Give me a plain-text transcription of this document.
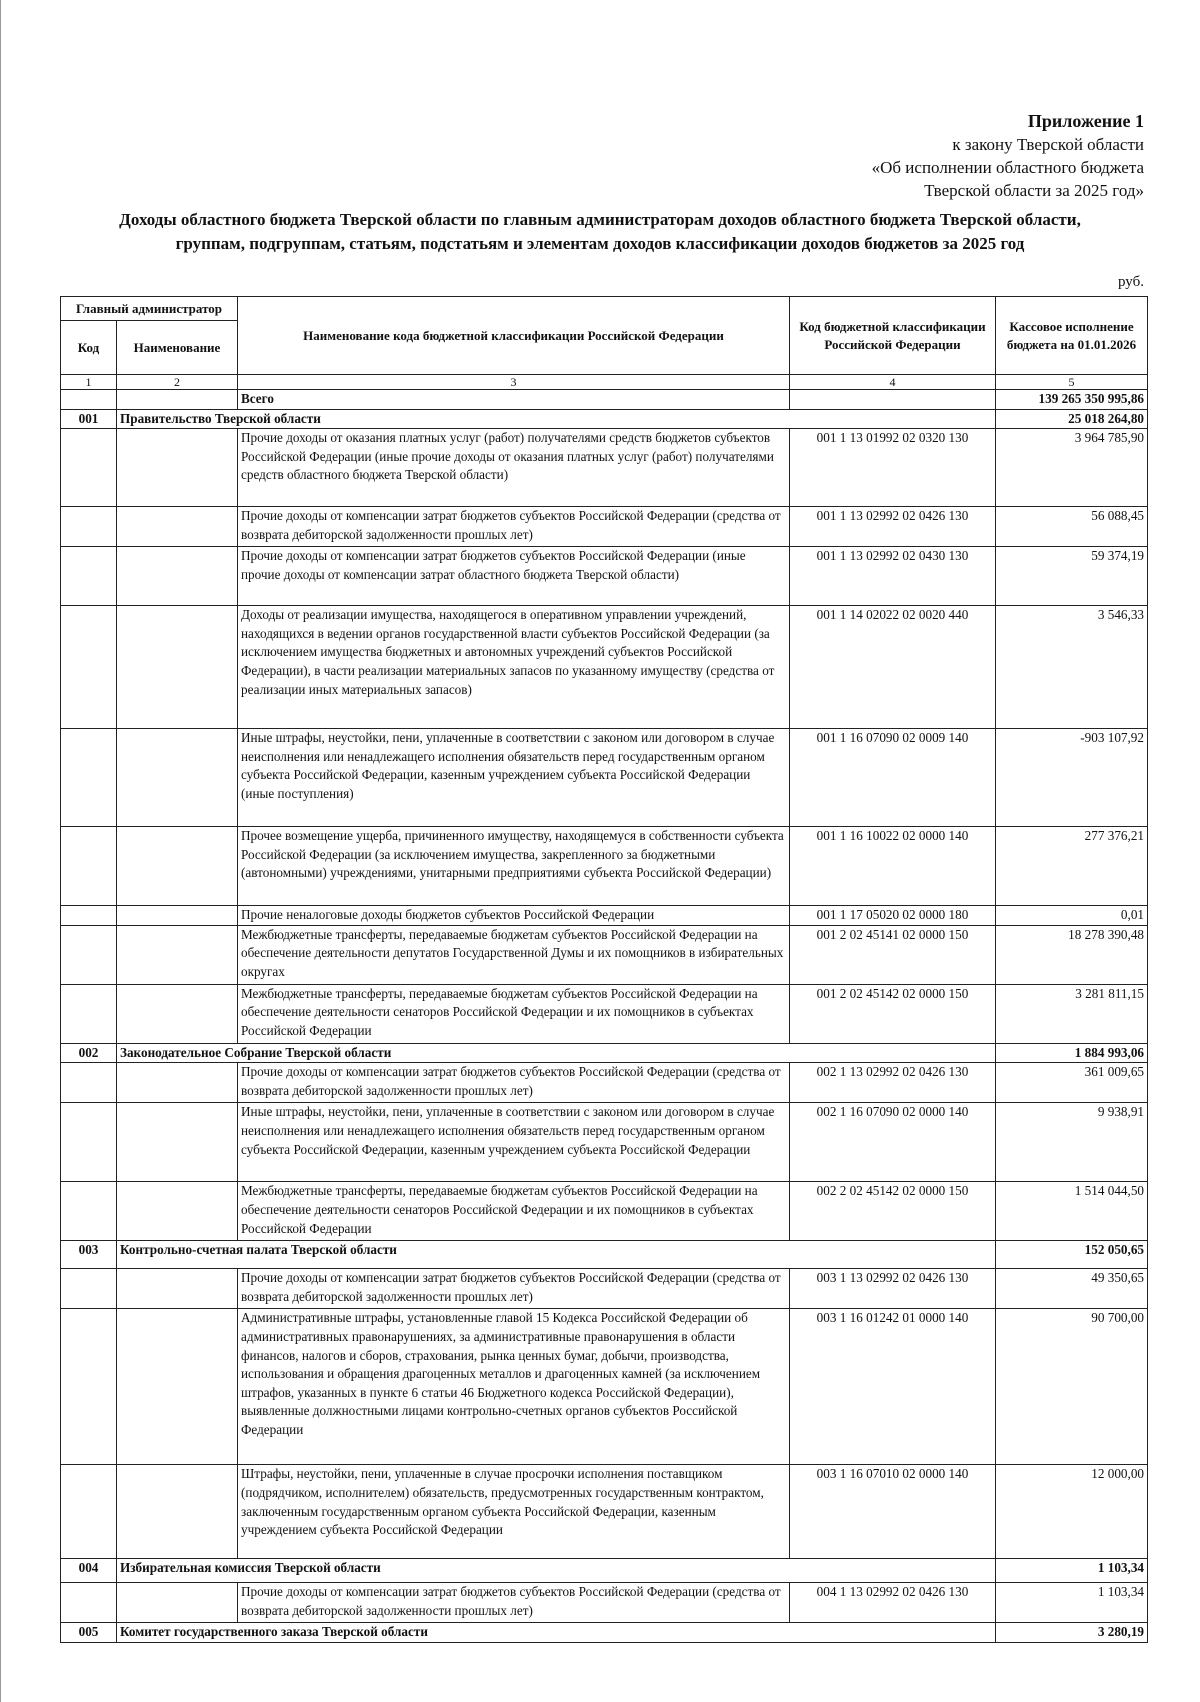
Приложение 1
к закону Тверской области
«Об исполнении областного бюджета
Тверской области за 2025 год»
Доходы областного бюджета Тверской области по главным администраторам доходов областного бюджета Тверской области,
группам, подгруппам, статьям, подстатьям и элементам доходов классификации доходов бюджетов за 2025 год
руб.
Главный администратор		Наименование кода бюджетной классификации Российской Федерации	Код бюджетной классификации Российской Федерации	Кассовое исполнение бюджета на 01.01.2026
Код	Наименование			
1	2	3	4	5
		Всего		139 265 350 995,86
001	Правительство Тверской области			25 018 264,80
		Прочие доходы от оказания платных услуг (работ) получателями средств бюджетов субъектов Российской Федерации (иные прочие доходы от оказания платных услуг (работ) получателями средств областного бюджета Тверской области)	001 1 13 01992 02 0320 130	3 964 785,90
		Прочие доходы от компенсации затрат бюджетов субъектов Российской Федерации (средства от возврата дебиторской задолженности прошлых лет)	001 1 13 02992 02 0426 130	56 088,45
		Прочие доходы от компенсации затрат бюджетов субъектов Российской Федерации (иные прочие доходы от компенсации затрат областного бюджета Тверской области)	001 1 13 02992 02 0430 130	59 374,19
		Доходы от реализации имущества, находящегося в оперативном управлении учреждений, находящихся в ведении органов государственной власти субъектов Российской Федерации (за исключением имущества бюджетных и автономных учреждений субъектов Российской Федерации), в части реализации материальных запасов по указанному имуществу (средства от реализации иных материальных запасов)	001 1 14 02022 02 0020 440	3 546,33
		Иные штрафы, неустойки, пени, уплаченные в соответствии с законом или договором в случае неисполнения или ненадлежащего исполнения обязательств перед государственным органом субъекта Российской Федерации, казенным учреждением субъекта Российской Федерации (иные поступления)	001 1 16 07090 02 0009 140	-903 107,92
		Прочее возмещение ущерба, причиненного имуществу, находящемуся в собственности субъекта Российской Федерации (за исключением имущества, закрепленного за бюджетными (автономными) учреждениями, унитарными предприятиями субъекта Российской Федерации)	001 1 16 10022 02 0000 140	277 376,21
		Прочие неналоговые доходы бюджетов субъектов Российской Федерации	001 1 17 05020 02 0000 180	0,01
		Межбюджетные трансферты, передаваемые бюджетам субъектов Российской Федерации на обеспечение деятельности депутатов Государственной Думы и их помощников в избирательных округах	001 2 02 45141 02 0000 150	18 278 390,48
		Межбюджетные трансферты, передаваемые бюджетам субъектов Российской Федерации на обеспечение деятельности сенаторов Российской Федерации и их помощников в субъектах Российской Федерации	001 2 02 45142 02 0000 150	3 281 811,15
002	Законодательное Собрание Тверской области			1 884 993,06
		Прочие доходы от компенсации затрат бюджетов субъектов Российской Федерации (средства от возврата дебиторской задолженности прошлых лет)	002 1 13 02992 02 0426 130	361 009,65
		Иные штрафы, неустойки, пени, уплаченные в соответствии с законом или договором в случае неисполнения или ненадлежащего исполнения обязательств перед государственным органом субъекта Российской Федерации, казенным учреждением субъекта Российской Федерации	002 1 16 07090 02 0000 140	9 938,91
		Межбюджетные трансферты, передаваемые бюджетам субъектов Российской Федерации на обеспечение деятельности сенаторов Российской Федерации и их помощников в субъектах Российской Федерации	002 2 02 45142 02 0000 150	1 514 044,50
003	Контрольно-счетная палата Тверской области			152 050,65
		Прочие доходы от компенсации затрат бюджетов субъектов Российской Федерации (средства от возврата дебиторской задолженности прошлых лет)	003 1 13 02992 02 0426 130	49 350,65
		Административные штрафы, установленные главой 15 Кодекса Российской Федерации об административных правонарушениях, за административные правонарушения в области финансов, налогов и сборов, страхования, рынка ценных бумаг, добычи, производства, использования и обращения драгоценных металлов и драгоценных камней (за исключением штрафов, указанных в пункте 6 статьи 46 Бюджетного кодекса Российской Федерации), выявленные должностными лицами контрольно-счетных органов субъектов Российской Федерации	003 1 16 01242 01 0000 140	90 700,00
		Штрафы, неустойки, пени, уплаченные в случае просрочки исполнения поставщиком (подрядчиком, исполнителем) обязательств, предусмотренных государственным контрактом, заключенным государственным органом субъекта Российской Федерации, казенным учреждением субъекта Российской Федерации	003 1 16 07010 02 0000 140	12 000,00
004	Избирательная комиссия Тверской области			1 103,34
		Прочие доходы от компенсации затрат бюджетов субъектов Российской Федерации (средства от возврата дебиторской задолженности прошлых лет)	004 1 13 02992 02 0426 130	1 103,34
005	Комитет государственного заказа Тверской области			3 280,19
